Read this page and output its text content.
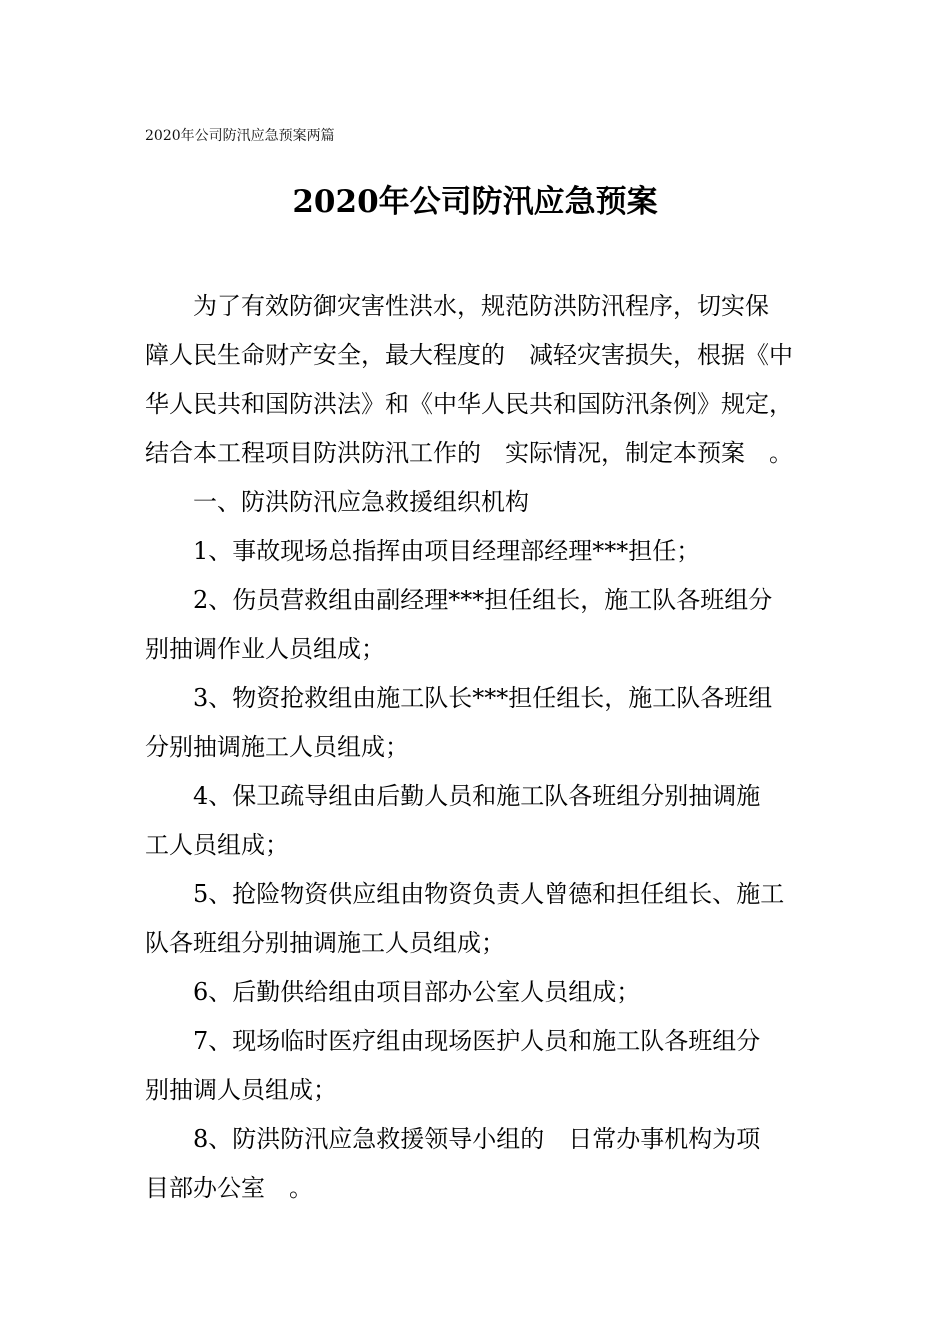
2020年公司防汛应急预案两篇
2020年公司防汛应急预案

为了有效防御灾害性洪水，规范防洪防汛程序，切实保
障人民生命财产安全，最大程度的　减轻灾害损失，根据《中
华人民共和国防洪法》和《中华人民共和国防汛条例》规定，
结合本工程项目防洪防汛工作的　实际情况，制定本预案　。

一、防洪防汛应急救援组织机构

1、事故现场总指挥由项目经理部经理***担任；

2、伤员营救组由副经理***担任组长，施工队各班组分
别抽调作业人员组成；

3、物资抢救组由施工队长***担任组长，施工队各班组
分别抽调施工人员组成；

4、保卫疏导组由后勤人员和施工队各班组分别抽调施
工人员组成；

5、抢险物资供应组由物资负责人曾德和担任组长、施工
队各班组分别抽调施工人员组成；

6、后勤供给组由项目部办公室人员组成；

7、现场临时医疗组由现场医护人员和施工队各班组分
别抽调人员组成；

8、防洪防汛应急救援领导小组的　日常办事机构为项
目部办公室　。
